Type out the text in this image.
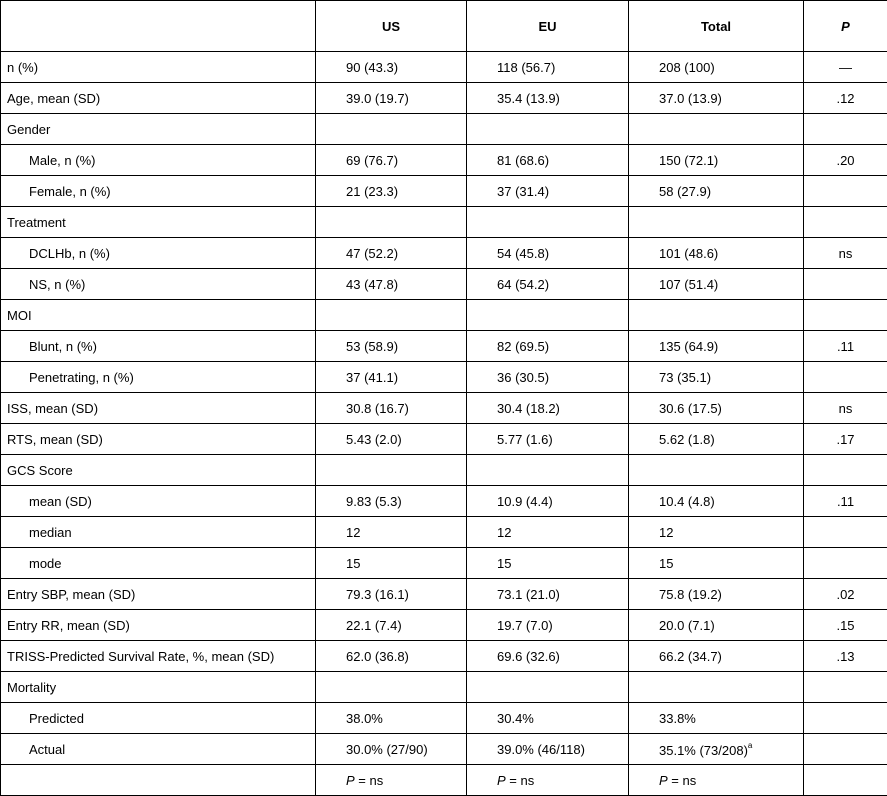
	US	EU	Total	P
n (%)	90 (43.3)	118 (56.7)	208 (100)	—
Age, mean (SD)	39.0 (19.7)	35.4 (13.9)	37.0 (13.9)	.12
Gender				
Male, n (%)	69 (76.7)	81 (68.6)	150 (72.1)	.20
Female, n (%)	21 (23.3)	37 (31.4)	58 (27.9)	
Treatment				
DCLHb, n (%)	47 (52.2)	54 (45.8)	101 (48.6)	ns
NS, n (%)	43 (47.8)	64 (54.2)	107 (51.4)	
MOI				
Blunt, n (%)	53 (58.9)	82 (69.5)	135 (64.9)	.11
Penetrating, n (%)	37 (41.1)	36 (30.5)	73 (35.1)	
ISS, mean (SD)	30.8 (16.7)	30.4 (18.2)	30.6 (17.5)	ns
RTS, mean (SD)	5.43 (2.0)	5.77 (1.6)	5.62 (1.8)	.17
GCS Score				
mean (SD)	9.83 (5.3)	10.9 (4.4)	10.4 (4.8)	.11
median	12	12	12	
mode	15	15	15	
Entry SBP, mean (SD)	79.3 (16.1)	73.1 (21.0)	75.8 (19.2)	.02
Entry RR, mean (SD)	22.1 (7.4)	19.7 (7.0)	20.0 (7.1)	.15
TRISS-Predicted Survival Rate, %, mean (SD)	62.0 (36.8)	69.6 (32.6)	66.2 (34.7)	.13
Mortality				
Predicted	38.0%	30.4%	33.8%	
Actual	30.0% (27/90)	39.0% (46/118)	35.1% $(73/208)^a$	
	P = ns	P = ns	P = ns	
